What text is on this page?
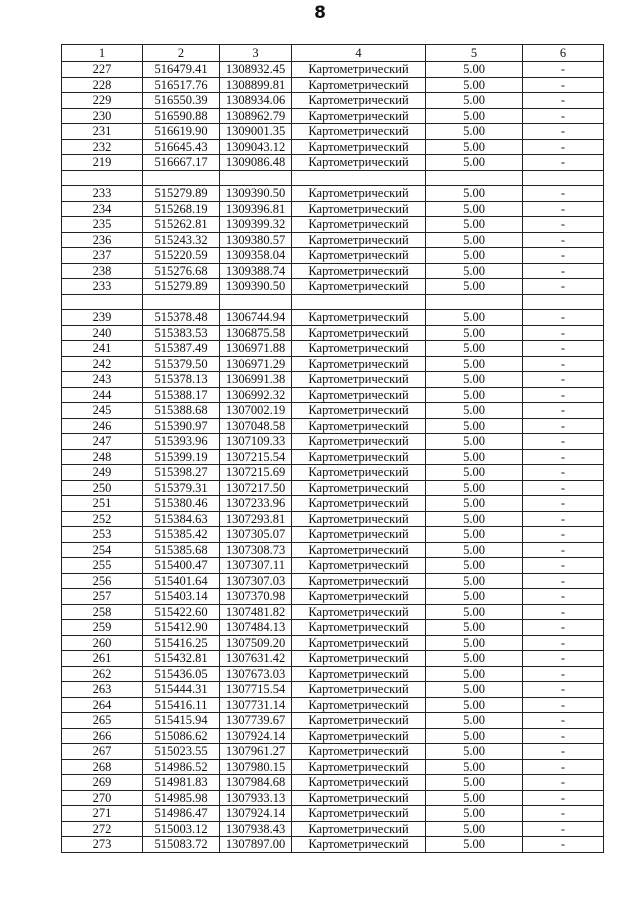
8
1	2	3	4	5	6
227	516479.41	1308932.45	Картометрический	5.00	-
228	516517.76	1308899.81	Картометрический	5.00	-
229	516550.39	1308934.06	Картометрический	5.00	-
230	516590.88	1308962.79	Картометрический	5.00	-
231	516619.90	1309001.35	Картометрический	5.00	-
232	516645.43	1309043.12	Картометрический	5.00	-
219	516667.17	1309086.48	Картометрический	5.00	-

233	515279.89	1309390.50	Картометрический	5.00	-
234	515268.19	1309396.81	Картометрический	5.00	-
235	515262.81	1309399.32	Картометрический	5.00	-
236	515243.32	1309380.57	Картометрический	5.00	-
237	515220.59	1309358.04	Картометрический	5.00	-
238	515276.68	1309388.74	Картометрический	5.00	-
233	515279.89	1309390.50	Картометрический	5.00	-

239	515378.48	1306744.94	Картометрический	5.00	-
240	515383.53	1306875.58	Картометрический	5.00	-
241	515387.49	1306971.88	Картометрический	5.00	-
242	515379.50	1306971.29	Картометрический	5.00	-
243	515378.13	1306991.38	Картометрический	5.00	-
244	515388.17	1306992.32	Картометрический	5.00	-
245	515388.68	1307002.19	Картометрический	5.00	-
246	515390.97	1307048.58	Картометрический	5.00	-
247	515393.96	1307109.33	Картометрический	5.00	-
248	515399.19	1307215.54	Картометрический	5.00	-
249	515398.27	1307215.69	Картометрический	5.00	-
250	515379.31	1307217.50	Картометрический	5.00	-
251	515380.46	1307233.96	Картометрический	5.00	-
252	515384.63	1307293.81	Картометрический	5.00	-
253	515385.42	1307305.07	Картометрический	5.00	-
254	515385.68	1307308.73	Картометрический	5.00	-
255	515400.47	1307307.11	Картометрический	5.00	-
256	515401.64	1307307.03	Картометрический	5.00	-
257	515403.14	1307370.98	Картометрический	5.00	-
258	515422.60	1307481.82	Картометрический	5.00	-
259	515412.90	1307484.13	Картометрический	5.00	-
260	515416.25	1307509.20	Картометрический	5.00	-
261	515432.81	1307631.42	Картометрический	5.00	-
262	515436.05	1307673.03	Картометрический	5.00	-
263	515444.31	1307715.54	Картометрический	5.00	-
264	515416.11	1307731.14	Картометрический	5.00	-
265	515415.94	1307739.67	Картометрический	5.00	-
266	515086.62	1307924.14	Картометрический	5.00	-
267	515023.55	1307961.27	Картометрический	5.00	-
268	514986.52	1307980.15	Картометрический	5.00	-
269	514981.83	1307984.68	Картометрический	5.00	-
270	514985.98	1307933.13	Картометрический	5.00	-
271	514986.47	1307924.14	Картометрический	5.00	-
272	515003.12	1307938.43	Картометрический	5.00	-
273	515083.72	1307897.00	Картометрический	5.00	-
